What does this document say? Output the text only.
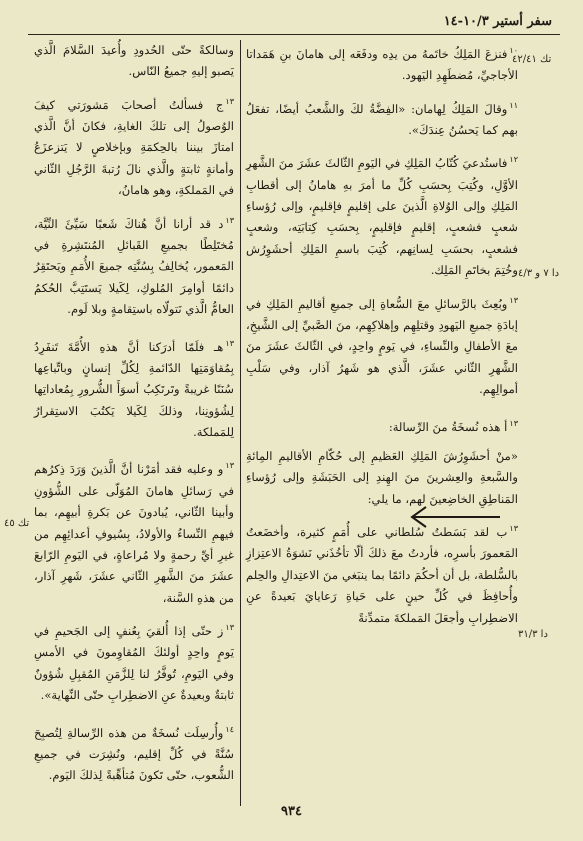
سفر أستير ١٠/٣-١٤
تك ٤٢/٤١
دا ٧ و ٤/٣
تك ٤٥
دا ٣١/٣

$^{١٠}$فنزعَ المَلِكُ خاتَمهُ من يدِه ودفَعَه إلى هامانَ بنِ هَمَداتا الأجاجيِّ، مُضطَهِدِ اليَهود.

$^{١١}$وقالَ المَلِكُ لِهامان: «الفِضَّةُ لكَ والشَّعبُ أيضًا، تفعَلُ بهم كما يَحسُنُ عِندَكَ».

$^{١٢}$فاستُدعيَ كُتّابُ المَلِكِ في اليَومِ الثّالثَ عشَرَ منَ الشَّهرِ الأوَّلِ، وكُتِبَ بِحسَبِ كُلِّ ما أمرَ بهِ هامانُ إلى أقطابِ المَلِكِ وإلى الوُلاةِ الَّذينَ على إقليمٍ فإقليمٍ، وإلى رُؤساءِ شعبٍ فشعبٍ، إقليمٍ فإقليمٍ، بِحسَبِ كِتابَتِه، وشعبٍ فشعبٍ، بحسَبِ لِسانِهم، كُتِبَ باسمِ المَلِكِ أحشَوِرُش وخُتِمَ بخاتَمِ المَلِك.

$^{١٣}$وبُعِثَ بالرَّسائلِ معَ السُّعاةِ إلى جميعِ أقاليمِ المَلِكِ في إبادَةِ جميعِ اليَهودِ وقتلِهِم وإهلاكِهِم، منَ الصَّبيِّ إلى الشَّيخِ، معَ الأطفالِ والنِّساءِ، في يَومٍ واحِدٍ، في الثّالثَ عشَرَ منَ الشَّهرِ الثّاني عشَرَ، الَّذي هو شَهرُ آذار، وفي سَلْبِ أموالِهِم.

$^{١٣}$أ هذه نُسخَةُ منَ الرِّسالة:

«منْ أحشَوِرُشَ المَلِكِ العَظيمِ إلى حُكّامِ الأقاليمِ المِائةِ والسَّبعةِ والعِشرينَ منَ الهِندِ إلى الحَبَشَةِ وإلى رُؤساءِ المَناطِقِ الخاضِعينَ لهم، ما يلي:

$^{١٣}$ب لقد بَسَطتُ سُلطاني على أُمَمٍ كثيرة، وأخضَعتُ المَعمورَ بأسرِه، فأردتُ معَ ذلكَ ألّا تأخُذَني نَشوَةُ الاعتِزازِ بالسُّلطة، بل أن أحكُمَ دائمًا بما ينبَغي منَ الاعتِدالِ والحِلم وأُحافِظَ في كُلِّ حينٍ على حَياةِ رَعايايَ بَعيدةً عنِ الاضطِرابِ وأجعَلَ المَملكةَ متمدِّنةً

وسالكةً حتّى الحُدودِ وأُعيدَ السَّلامَ الَّذي يَصبو إليهِ جميعُ النّاس.

$^{١٣}$ج فسألتُ أصحابَ مَشورَتي كيفَ الوُصولُ إلى تلكَ الغايةِ، فكانَ أنَّ الَّذي امتازَ بيننا بالحِكمَةِ وبإخلاصٍ لا يَتزعزَعُ وأمانةٍ ثابتةٍ والَّذي نالَ رُتبةَ الرَّجُلِ الثّاني في المَملكةِ، وهو هامانُ،

$^{١٣}$د قد أرانا أنَّ هُناكَ شَعبًا سَيِّئَ النِّيَّة، مُختَلِطًا بجميعِ القَبائلِ المُنتَشِرةِ في المَعمور، يُخالِفُ بِسُنَّتِه جميعَ الأُمَمِ ويَحتَقِرُ دائمًا أوامِرَ المُلوكِ، لِكَيلا يَستَتِبَّ الحُكمُ العامُّ الَّذي نَتولّاه باستِقامةٍ وبلا لَوم.

$^{١٣}$هـ فلَمّا أدرَكنا أنَّ هذهِ الأُمَّةَ تَنفَرِدُ بِمُقاوَمَتِها الدّائمةِ لِكُلِّ إنسانٍ وباتِّباعِها سُنَنًا غريبةً وتَرتَكِبُ أسوَأَ الشُّرورِ بِمُعاداتِها لِشُؤونِنا، وذلكَ لِكَيلا يَكتُبَ الاستِقرارُ لِلمَملكة.

$^{١٣}$و وعليه فقد أمَرْنا أنَّ الَّذينَ وَرَدَ ذِكرُهم في رَسائلِ هامانَ المُوَلّى على الشُّؤونِ وأبينا الثّاني، يُبادونَ عن بَكرةِ أبيهِم، بما فيهمِ النِّساءُ والأولادُ، بِسُيوفِ أعدائِهِم من غيرِ أيِّ رحمةٍ ولا مُراعاةٍ، في اليَومِ الرّابعَ عشَرَ منَ الشَّهرِ الثّاني عشَرَ، شَهرِ آذار، من هذهِ السَّنة،

$^{١٣}$ز حتّى إذا أُلقيَ بِعُنفٍ إلى الجَحيمِ في يَومٍ واحِدٍ أولئكَ المُقاوِمونَ في الأمسِ وفي اليَومِ، تُوفَّرُ لنا لِلزَّمَنِ المُقبِلِ شُؤونٌ ثابتةٌ وبعيدةٌ عنِ الاضطِرابِ حتّى النِّهاية».

$^{١٤}$وأُرسِلَت نُسخَةٌ من هذه الرِّسالةِ لِتُصبِحَ سُنَّةً في كُلِّ إقليم، ونُشِرَت في جميعِ الشُّعوب، حتّى تَكونَ مُتأهِّبةً لِذلكَ اليَوم.

٩٣٤
